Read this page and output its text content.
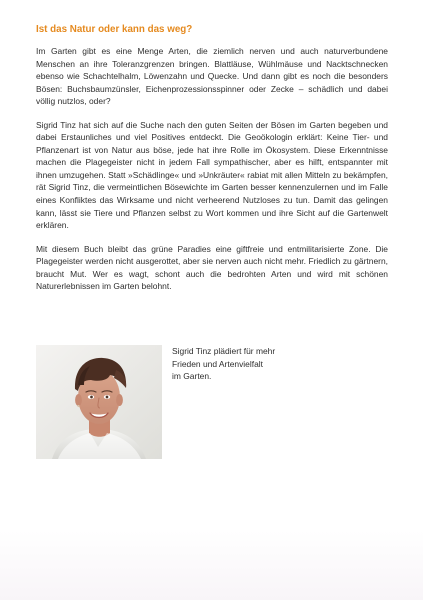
Ist das Natur oder kann das weg?

Im Garten gibt es eine Menge Arten, die ziemlich nerven und auch naturverbundene Menschen an ihre Toleranzgrenzen bringen. Blattläuse, Wühlmäuse und Nacktschnecken ebenso wie Schachtelhalm, Löwenzahn und Quecke. Und dann gibt es noch die besonders Bösen: Buchsbaumzünsler, Eichenprozessionsspinner oder Zecke – schädlich und dabei völlig nutzlos, oder?

Sigrid Tinz hat sich auf die Suche nach den guten Seiten der Bösen im Garten begeben und dabei Erstaunliches und viel Positives entdeckt. Die Geoökologin erklärt: Keine Tier- und Pflanzenart ist von Natur aus böse, jede hat ihre Rolle im Ökosystem. Diese Erkenntnisse machen die Plagegeister nicht in jedem Fall sympathischer, aber es hilft, entspannter mit ihnen umzugehen. Statt »Schädlinge« und »Unkräuter« rabiat mit allen Mitteln zu bekämpfen, rät Sigrid Tinz, die vermeintlichen Bösewichte im Garten besser kennenzulernen und im Falle eines Konfliktes das Wirksame und nicht verheerend Nutzloses zu tun. Damit das gelingen kann, lässt sie Tiere und Pflanzen selbst zu Wort kommen und ihre Sicht auf die Gartenwelt erklären.

Mit diesem Buch bleibt das grüne Paradies eine giftfreie und entmilitarisierte Zone. Die Plagegeister werden nicht ausgerottet, aber sie nerven auch nicht mehr. Friedlich zu gärtnern, braucht Mut. Wer es wagt, schont auch die bedrohten Arten und wird mit schönen Naturerlebnissen im Garten belohnt.

Sigrid Tinz plädiert für mehr
Frieden und Artenvielfalt
im Garten.
